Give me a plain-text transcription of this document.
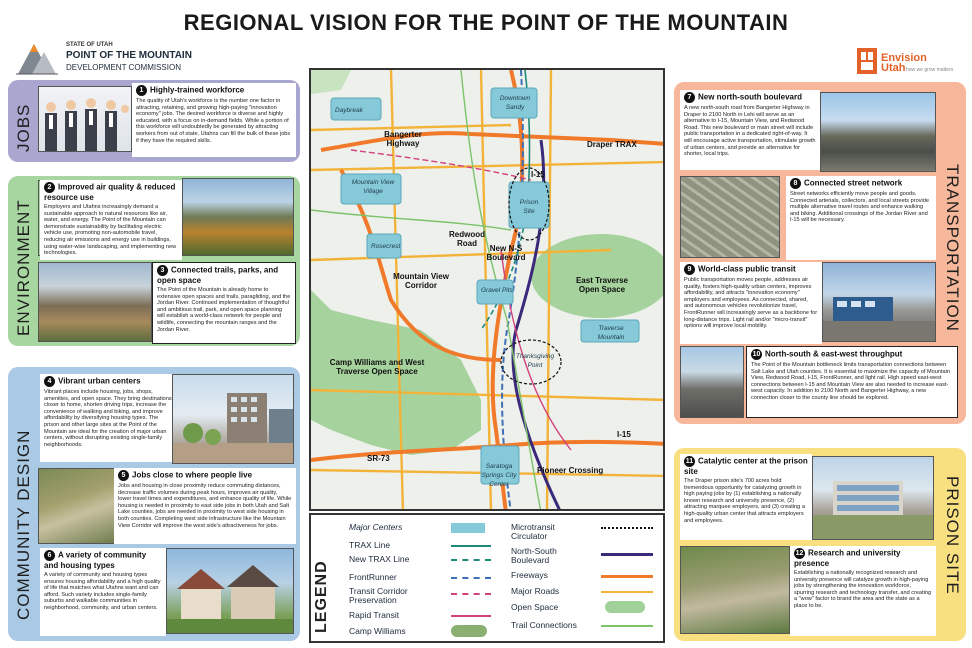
REGIONAL VISION FOR THE POINT OF THE MOUNTAIN
STATE OF UTAH
POINT OF THE MOUNTAIN
DEVELOPMENT COMMISSION
Envision
Utah how we grow matters
JOBS
1 Highly-trained workforce
The quality of Utah's workforce is the number one factor in attracting, retaining, and growing high-paying "innovation economy" jobs. The desired workforce is diverse and highly educated, with a focus on in-demand fields. While a portion of this workforce will undoubtedly be generated by attracting workers from out of state, Utahns can fill the bulk of these jobs if they have the required skills.
ENVIRONMENT
2 Improved air quality & reduced resource use
Employers and Utahns increasingly demand a sustainable approach to natural resources like air, water, and energy. The Point of the Mountain can demonstrate sustainability by facilitating electric vehicle use, promoting non-automobile travel, reducing air emissions and energy use in buildings, using water-wise landscaping, and implementing new technologies.
3 Connected trails, parks, and open space
The Point of the Mountain is already home to extensive open spaces and trails, paragliding, and the Jordan River. Continued implementation of thoughtful and ambitious trail, park, and open space planning will establish a world-class network for people and wildlife, connecting the mountain ranges and the Jordan River.
COMMUNITY DESIGN
4 Vibrant urban centers
Vibrant places include housing, jobs, shops, amenities, and open space. They bring destinations closer to home, shorten driving trips, increase the convenience of walking and biking, and improve affordability by diversifying housing types. The prison and other large sites at the Point of the Mountain are ideal for the creation of major urban centers, without disrupting existing single-family neighborhoods.
5 Jobs close to where people live
Jobs and housing in close proximity reduce commuting distances, decrease traffic volumes during peak hours, improves air quality, lower travel times and expenditures, and enhance quality of life. While housing is needed in proximity to east side jobs in both Utah and Salt Lake counties, jobs are needed in proximity to west side housing in both counties. Completing west side infrastructure like the Mountain View Corridor will improve the west side's attractiveness for jobs.
6 A variety of community and housing types
A variety of community and housing types ensures housing affordability and a high quality of life that matches what Utahns want and can afford. Such variety includes single-family suburbs and walkable communities in neighborhood, community, and urban centers.
TRANSPORTATION
7 New north-south boulevard
A new north-south road from Bangerter Highway in Draper to 2100 North in Lehi will serve as an alternative to I-15, Mountain View, and Redwood Road. This new boulevard or main street will include public transportation in a dedicated right-of-way. It will encourage active transportation, stimulate growth of urban centers, and provide an alternative for shorter, local trips.
8 Connected street network
Street networks efficiently move people and goods. Connected arterials, collectors, and local streets provide multiple alternative travel routes and enhance walking and biking. Additional crossings of the Jordan River and I-15 will be necessary.
9 World-class public transit
Public transportation moves people, addresses air quality, fosters high-quality urban centers, improves affordability, and attracts "innovation economy" employers and employees. As connected, shared, and autonomous vehicles revolutionize travel, FrontRunner will increasingly serve as a backbone for long-distance trips. Light rail and/or "micro-transit" options will improve local mobility.
10 North-south & east-west throughput
The Point of the Mountain bottleneck limits transportation connections between Salt Lake and Utah counties. It is essential to maximize the capacity of Mountain View, Redwood Road, I-15, FrontRunner, and light rail. High speed east-west connections between I-15 and Mountain View are also needed to increase east-west capacity. In addition to 2100 North and Bangerter Highway, a new connection closer to the county line should be explored.
PRISON SITE
11 Catalytic center at the prison site
The Draper prison site's 700 acres hold tremendous opportunity for catalyzing growth in high paying jobs by (1) establishing a nationally known research and university presence, (2) attracting marquee employers, and (3) creating a high-quality urban center that attracts employers and employees.
12 Research and university presence
Establishing a nationally recognized research and university presence will catalyze growth in high-paying jobs by strengthening the innovation workforce, spurring research and technology transfer, and creating a "wow" factor to brand the area and the state as a place to be.
Daybreak
Downtown Sandy
Bangerter Highway	Draper TRAX
Mountain View Village
I-15
Prison Site
Redwood Road
New N-S Boulevard
Rosecrest
Mountain View Corridor
Gravel Pits
East Traverse Open Space
Traverse Mountain
Thanksgiving Point
Camp Williams and West Traverse Open Space
I-15
SR-73
Saratoga Springs City Center
Pioneer Crossing
LEGEND
Major Centers
TRAX Line
New TRAX Line
FrontRunner
Transit Corridor Preservation
Rapid Transit
Camp Williams
Microtransit Circulator
North-South Boulevard
Freeways
Major Roads
Open Space
Trail Connections
